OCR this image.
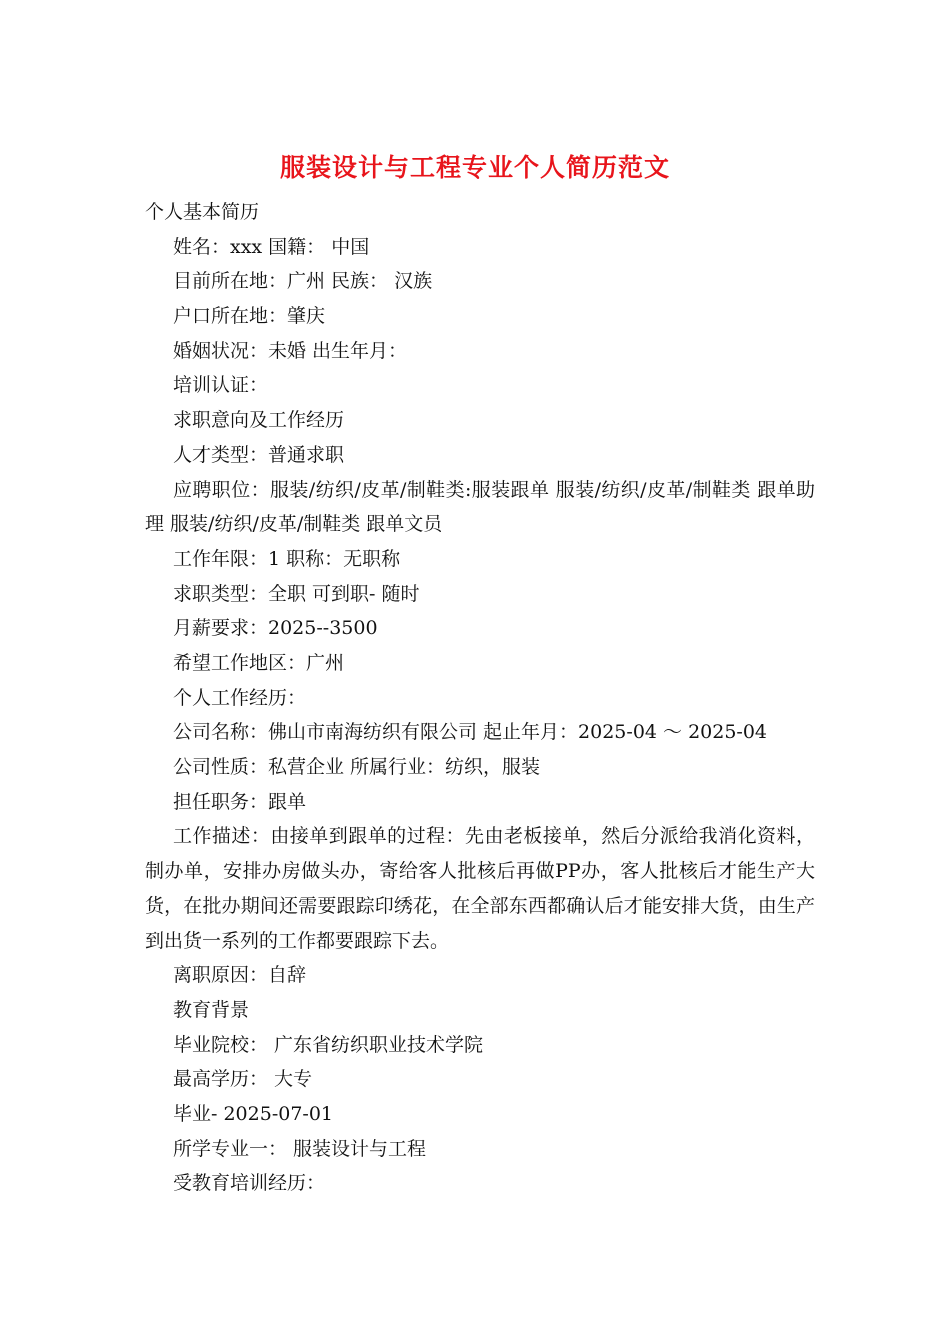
服装设计与工程专业个人简历范文
个人基本简历
姓名：xxx 国籍： 中国
目前所在地：广州 民族： 汉族
户口所在地：肇庆
婚姻状况：未婚 出生年月：
培训认证：
求职意向及工作经历
人才类型：普通求职
应聘职位：服装/纺织/皮革/制鞋类:服装跟单 服装/纺织/皮革/制鞋类 跟单助理 服装/纺织/皮革/制鞋类 跟单文员
工作年限：1 职称：无职称
求职类型：全职 可到职- 随时
月薪要求：2025--3500
希望工作地区：广州
个人工作经历：
公司名称：佛山市南海纺织有限公司 起止年月：2025-04 ～ 2025-04
公司性质：私营企业 所属行业：纺织，服装
担任职务：跟单
工作描述：由接单到跟单的过程：先由老板接单，然后分派给我消化资料，制办单，安排办房做头办，寄给客人批核后再做PP办，客人批核后才能生产大货，在批办期间还需要跟踪印绣花，在全部东西都确认后才能安排大货，由生产到出货一系列的工作都要跟踪下去。
离职原因：自辞
教育背景
毕业院校： 广东省纺织职业技术学院
最高学历： 大专
毕业- 2025-07-01
所学专业一： 服装设计与工程
受教育培训经历：
